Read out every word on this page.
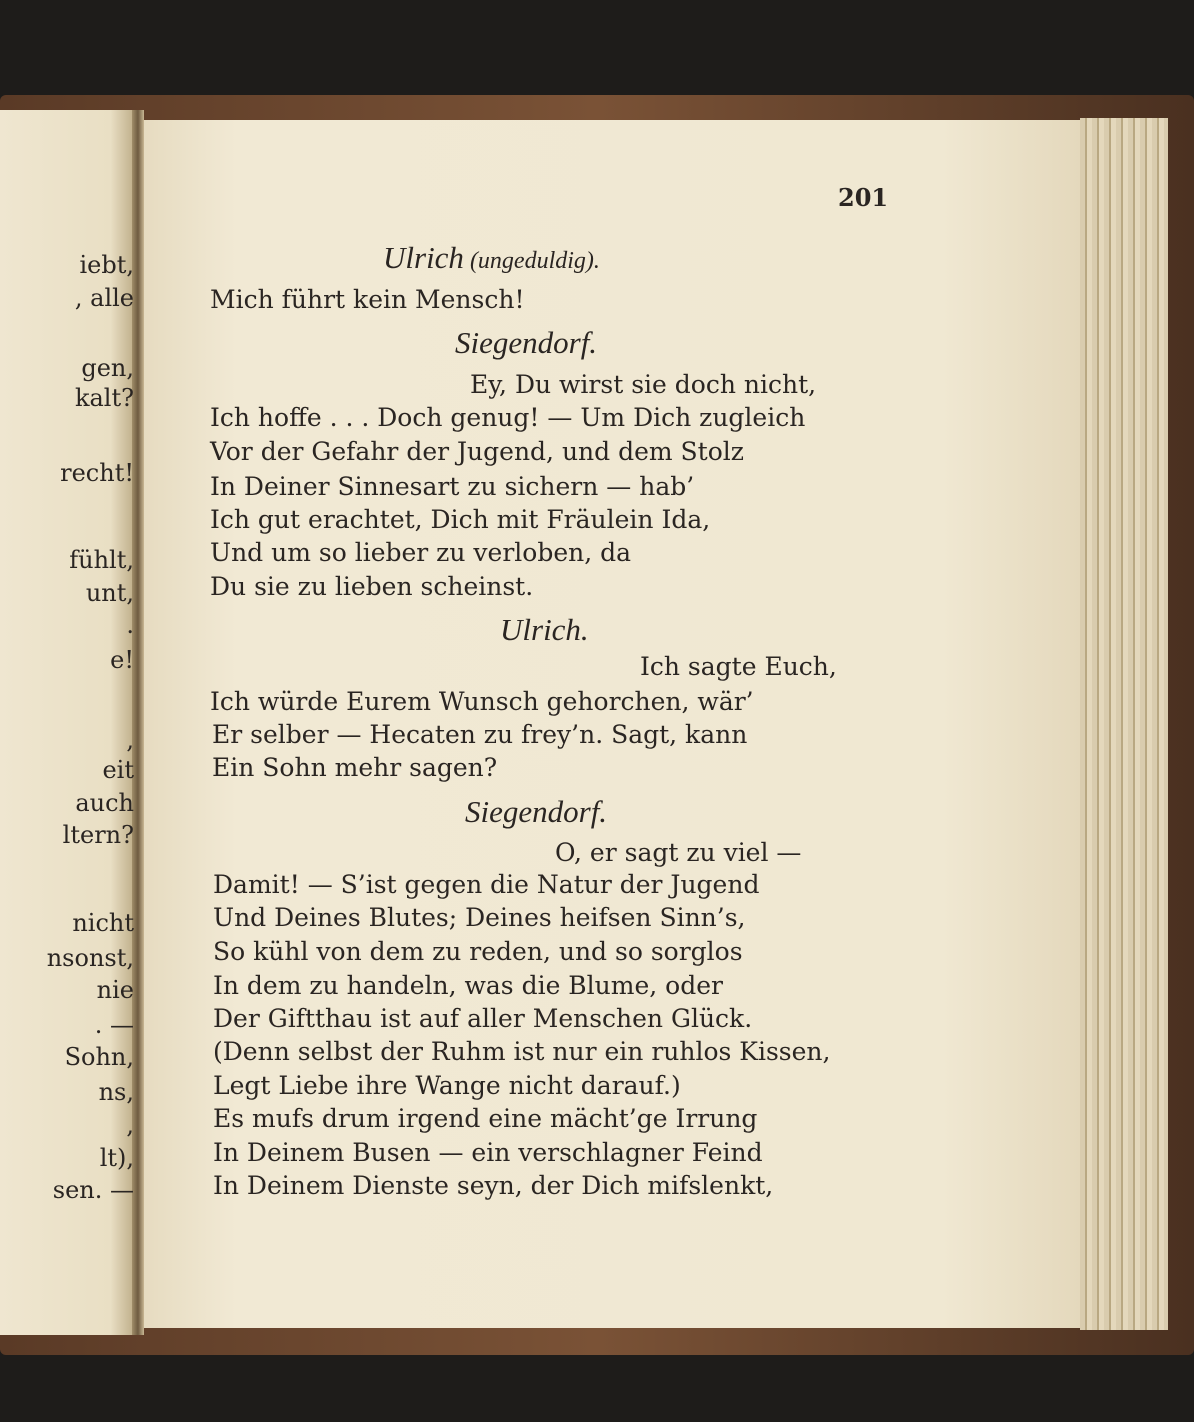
201
Ulrich (ungeduldig).
Mich führt kein Mensch!
Siegendorf.
Ey, Du wirst sie doch nicht,
Ich hoffe . . . Doch genug! — Um Dich zugleich
Vor der Gefahr der Jugend, und dem Stolz
In Deiner Sinnesart zu sichern — hab’
Ich gut erachtet, Dich mit Fräulein Ida,
Und um so lieber zu verloben, da
Du sie zu lieben scheinst.
Ulrich.
Ich sagte Euch,
Ich würde Eurem Wunsch gehorchen, wär’
Er selber — Hecaten zu frey’n. Sagt, kann
Ein Sohn mehr sagen?
Siegendorf.
O, er sagt zu viel —
Damit! — S’ist gegen die Natur der Jugend
Und Deines Blutes; Deines heifsen Sinn’s,
So kühl von dem zu reden, und so sorglos
In dem zu handeln, was die Blume, oder
Der Giftthau ist auf aller Menschen Glück.
(Denn selbst der Ruhm ist nur ein ruhlos Kissen,
Legt Liebe ihre Wange nicht darauf.)
Es mufs drum irgend eine mächt’ge Irrung
In Deinem Busen — ein verschlagner Feind
In Deinem Dienste seyn, der Dich mifslenkt,
iebt,
, alle
gen,
kalt?
recht!
fühlt,
unt,
.
e!
,
eit
auch
ltern?
nicht
nsonst,
nie
. —
Sohn,
ns,
,
lt),
sen. —
